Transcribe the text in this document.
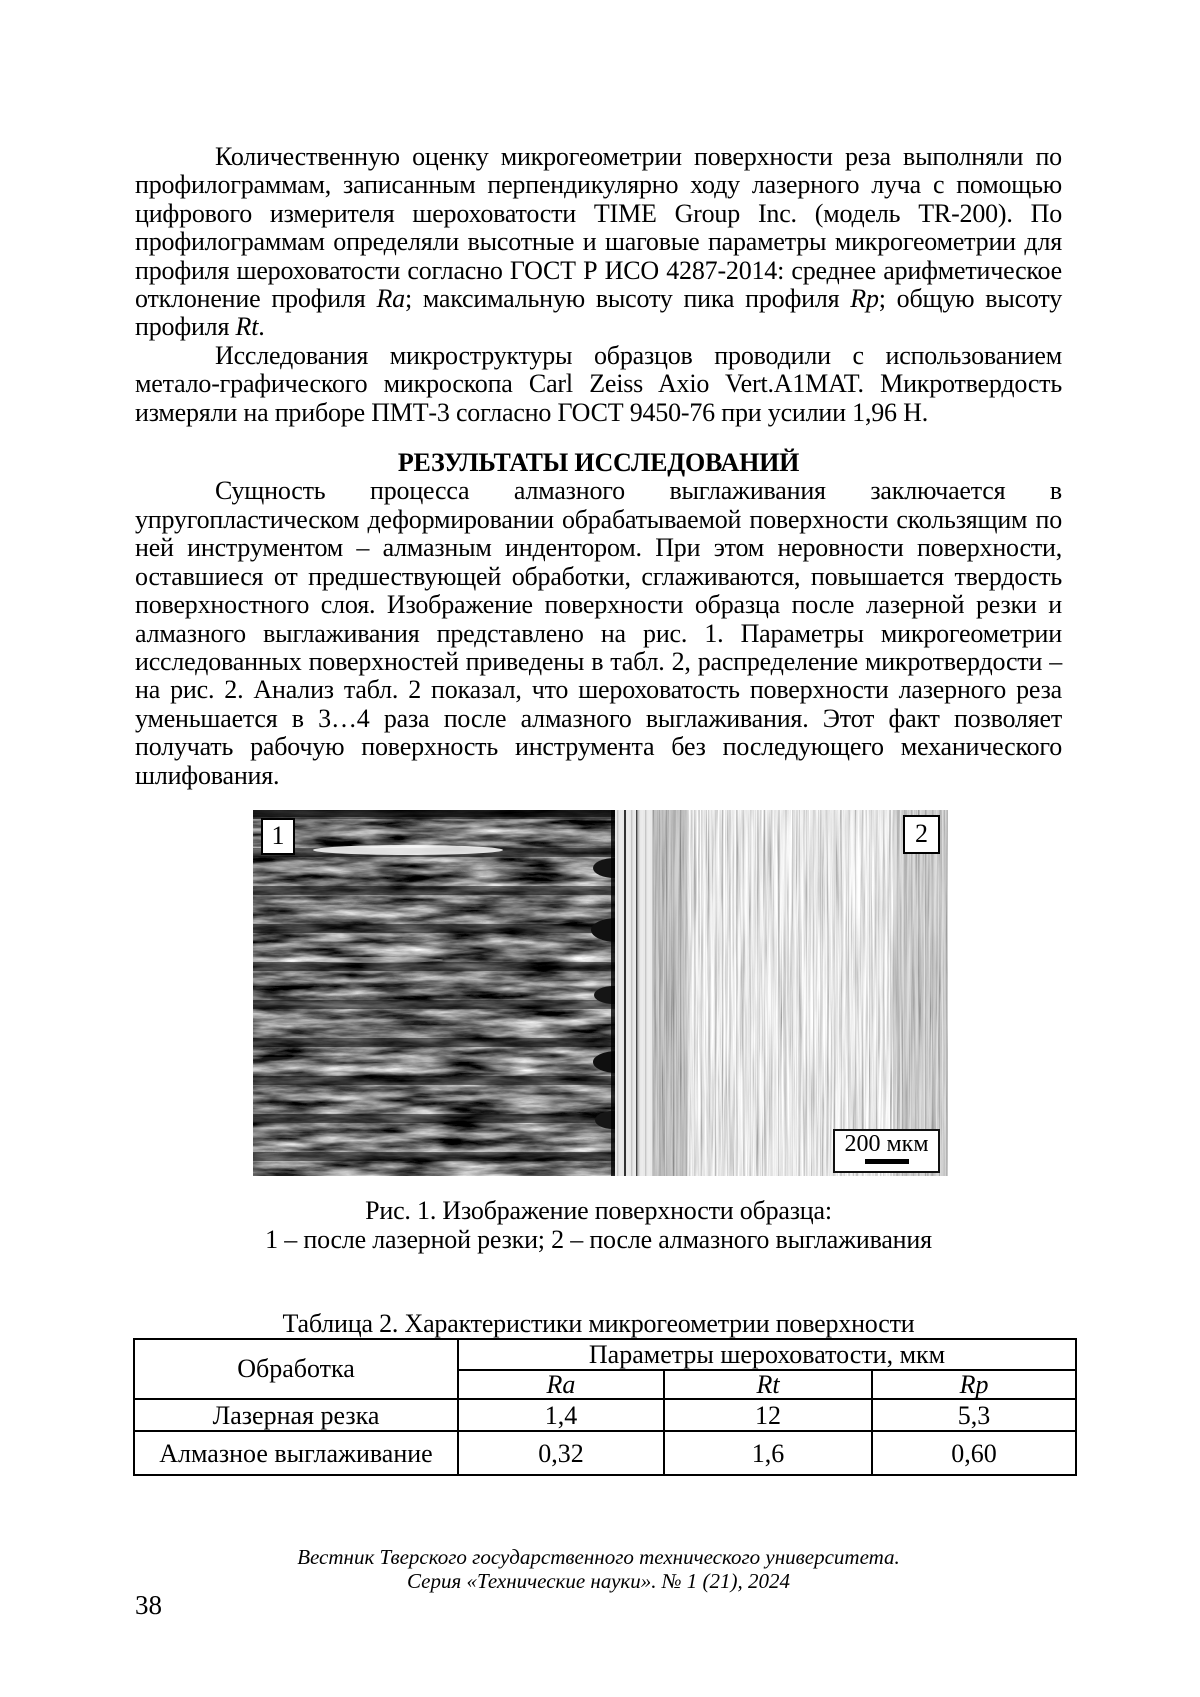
Количественную оценку микрогеометрии поверхности реза выполняли по профилограммам, записанным перпендикулярно ходу лазерного луча с помощью цифрового измерителя шероховатости TIME Group Inc. (модель TR-200). По профилограммам определяли высотные и шаговые параметры микрогеометрии для профиля шероховатости согласно ГОСТ Р ИСО 4287-2014: среднее арифметическое отклонение профиля Ra; максимальную высоту пика профиля Rp; общую высоту профиля Rt.

Исследования микроструктуры образцов проводили с использованием метало-графического микроскопа Carl Zeiss Axio Vert.A1MAT. Микротвердость измеряли на приборе ПМТ-3 согласно ГОСТ 9450-76 при усилии 1,96 Н.

РЕЗУЛЬТАТЫ ИССЛЕДОВАНИЙ

Сущность процесса алмазного выглаживания заключается в упругопластическом деформировании обрабатываемой поверхности скользящим по ней инструментом – алмазным индентором. При этом неровности поверхности, оставшиеся от предшествующей обработки, сглаживаются, повышается твердость поверхностного слоя. Изображение поверхности образца после лазерной резки и алмазного выглаживания представлено на рис. 1. Параметры микрогеометрии исследованных поверхностей приведены в табл. 2, распределение микротвердости – на рис. 2. Анализ табл. 2 показал, что шероховатость поверхности лазерного реза уменьшается в 3…4 раза после алмазного выглаживания. Этот факт позволяет получать рабочую поверхность инструмента без последующего механического шлифования.

1	2
200 мкм
Рис. 1. Изображение поверхности образца:
1 – после лазерной резки; 2 – после алмазного выглаживания
Таблица 2. Характеристики микрогеометрии поверхности
Обработка	Параметры шероховатости, мкм		
	Ra	Rt	Rp
Лазерная резка	1,4	12	5,3
Алмазное выглаживание	0,32	1,6	0,60
Вестник Тверского государственного технического университета.
Серия «Технические науки». № 1 (21), 2024
38
